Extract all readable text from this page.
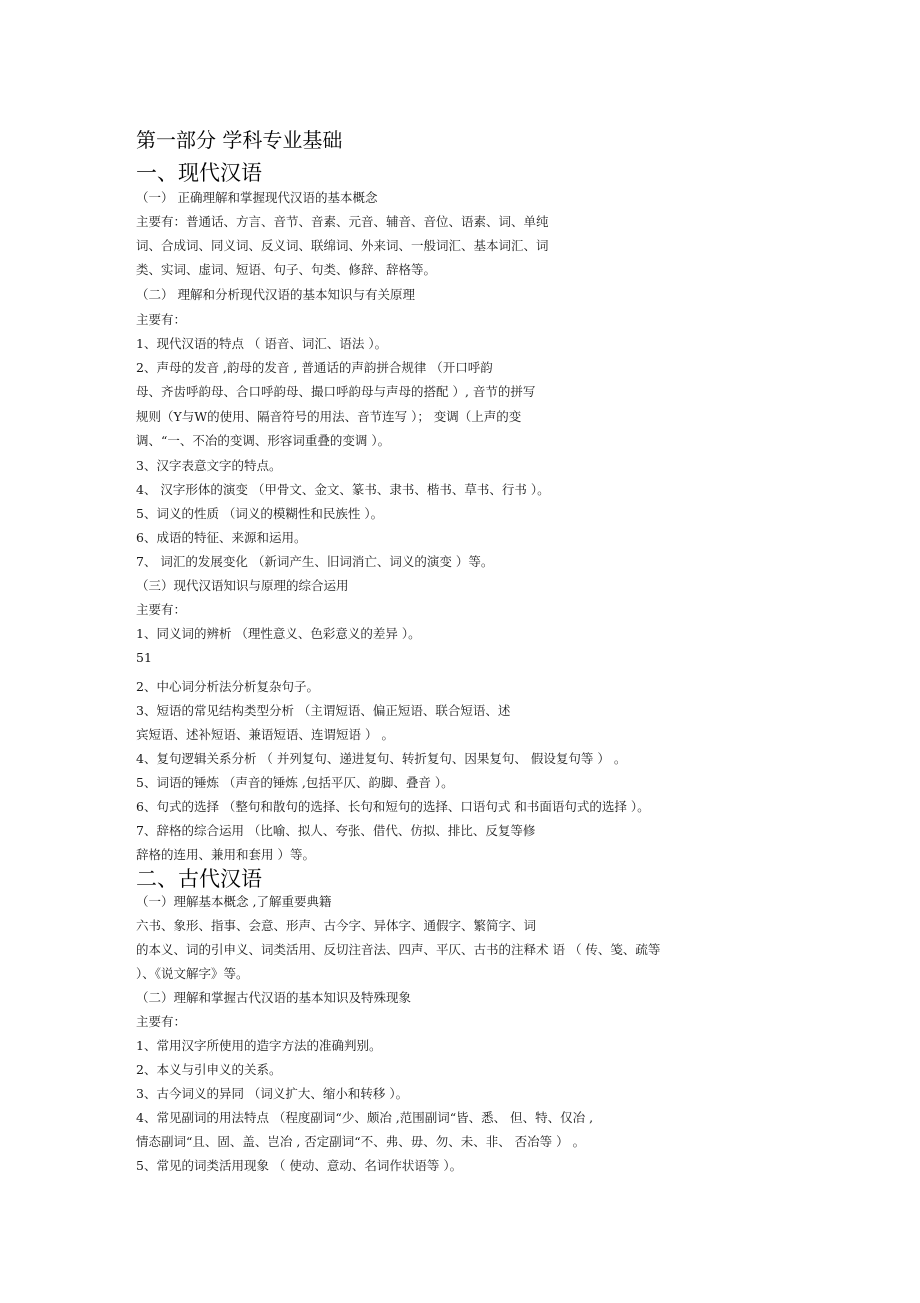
第一部分 学科专业基础
一、现代汉语

（一） 正确理解和掌握现代汉语的基本概念

主要有：普通话、方言、音节、音素、元音、辅音、音位、语素、词、单纯

词、合成词、同义词、反义词、联绵词、外来词、一般词汇、基本词汇、词

类、实词、虚词、短语、句子、句类、修辞、辞格等。

（二） 理解和分析现代汉语的基本知识与有关原理

主要有：

1、现代汉语的特点 （ 语音、词汇、语法 ）。

2、声母的发音 ,韵母的发音 , 普通话的声韵拼合规律 （开口呼韵

母、齐齿呼韵母、合口呼韵母、撮口呼韵母与声母的搭配 ）, 音节的拼写

规则（Y与W的使用、隔音符号的用法、音节连写 ）； 变调（上声的变

调、“一、不冶的变调、形容词重叠的变调 ）。

3、汉字表意文字的特点。

4、 汉字形体的演变 （甲骨文、金文、篆书、隶书、楷书、草书、行书 ）。

5、词义的性质 （词义的模糊性和民族性 ）。

6、成语的特征、来源和运用。

7、 词汇的发展变化 （新词产生、旧词消亡、词义的演变 ）等。

（三）现代汉语知识与原理的综合运用

主要有：

1、同义词的辨析 （理性意义、色彩意义的差异 ）。

51

2、中心词分析法分析复杂句子。

3、短语的常见结构类型分析 （主谓短语、偏正短语、联合短语、述

宾短语、述补短语、兼语短语、连谓短语 ） 。

4、复句逻辑关系分析 （ 并列复句、递进复句、转折复句、因果复句、 假设复句等 ） 。

5、词语的锤炼 （声音的锤炼 ,包括平仄、韵脚、叠音 ）。

6、句式的选择 （整句和散句的选择、长句和短句的选择、口语句式 和书面语句式的选择 ）。

7、辞格的综合运用 （比喻、拟人、夸张、借代、仿拟、排比、反复等修

辞格的连用、兼用和套用 ）等。

二、古代汉语

（一）理解基本概念 ,了解重要典籍

六书、象形、指事、会意、形声、古今字、异体字、通假字、繁简字、词

的本义、词的引申义、词类活用、反切注音法、四声、平仄、古书的注释术 语 （ 传、笺、疏等

）、《说文解字》等。

（二）理解和掌握古代汉语的基本知识及特殊现象

主要有：

1、常用汉字所使用的造字方法的准确判别。

2、本义与引申义的关系。

3、古今词义的异同 （词义扩大、缩小和转移 ）。

4、常见副词的用法特点 （程度副词“少、颇冶 ,范围副词“皆、悉、 但、特、仅冶 ,

情态副词“且、固、盖、岂冶 , 否定副词“不、弗、毋、勿、未、非、 否冶等 ） 。

5、常见的词类活用现象 （ 使动、意动、名词作状语等 ）。
